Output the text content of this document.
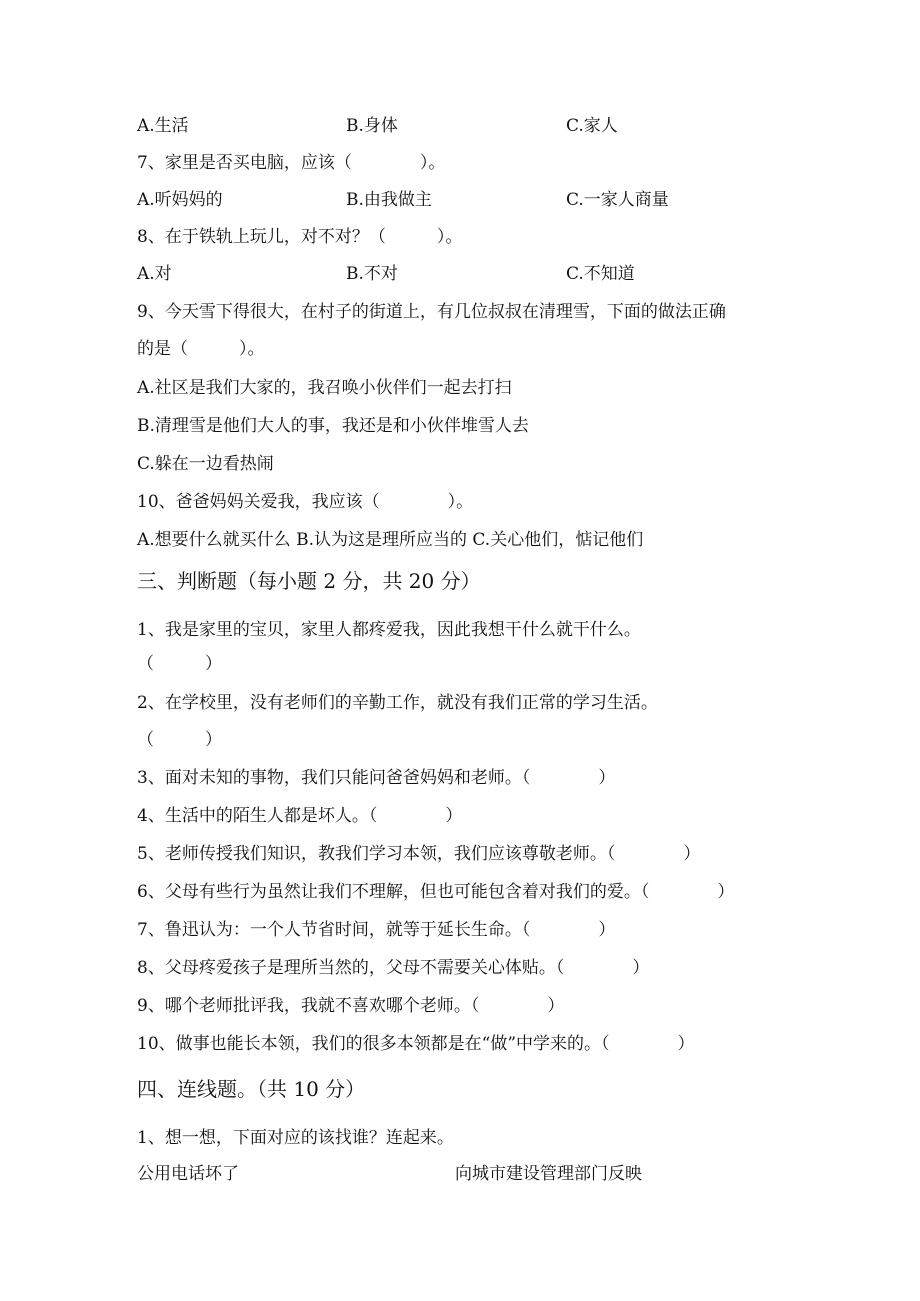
A.生活	B.身体	C.家人
7、家里是否买电脑，应该（　　　　）。
A.听妈妈的	B.由我做主	C.一家人商量
8、在于铁轨上玩儿，对不对？（　　　）。
A.对	B.不对	C.不知道
9、今天雪下得很大，在村子的街道上，有几位叔叔在清理雪，下面的做法正确
的是（　　　）。
A.社区是我们大家的，我召唤小伙伴们一起去打扫
B.清理雪是他们大人的事，我还是和小伙伴堆雪人去
C.躲在一边看热闹
10、爸爸妈妈关爱我，我应该（　　　　）。
A.想要什么就买什么 B.认为这是理所应当的 C.关心他们，惦记他们
三、判断题（每小题 2 分，共 20 分）
1、我是家里的宝贝，家里人都疼爱我，因此我想干什么就干什么。
（　　　）
2、在学校里，没有老师们的辛勤工作，就没有我们正常的学习生活。
（　　　）
3、面对未知的事物，我们只能问爸爸妈妈和老师。（　　　　）
4、生活中的陌生人都是坏人。（　　　　）
5、老师传授我们知识，教我们学习本领，我们应该尊敬老师。（　　　　）
6、父母有些行为虽然让我们不理解，但也可能包含着对我们的爱。（　　　　）
7、鲁迅认为：一个人节省时间，就等于延长生命。（　　　　）
8、父母疼爱孩子是理所当然的，父母不需要关心体贴。（　　　　）
9、哪个老师批评我，我就不喜欢哪个老师。（　　　　）
10、做事也能长本领，我们的很多本领都是在“做”中学来的。（　　　　）
四、连线题。（共 10 分）
1、想一想，下面对应的该找谁？连起来。
公用电话坏了	向城市建设管理部门反映
